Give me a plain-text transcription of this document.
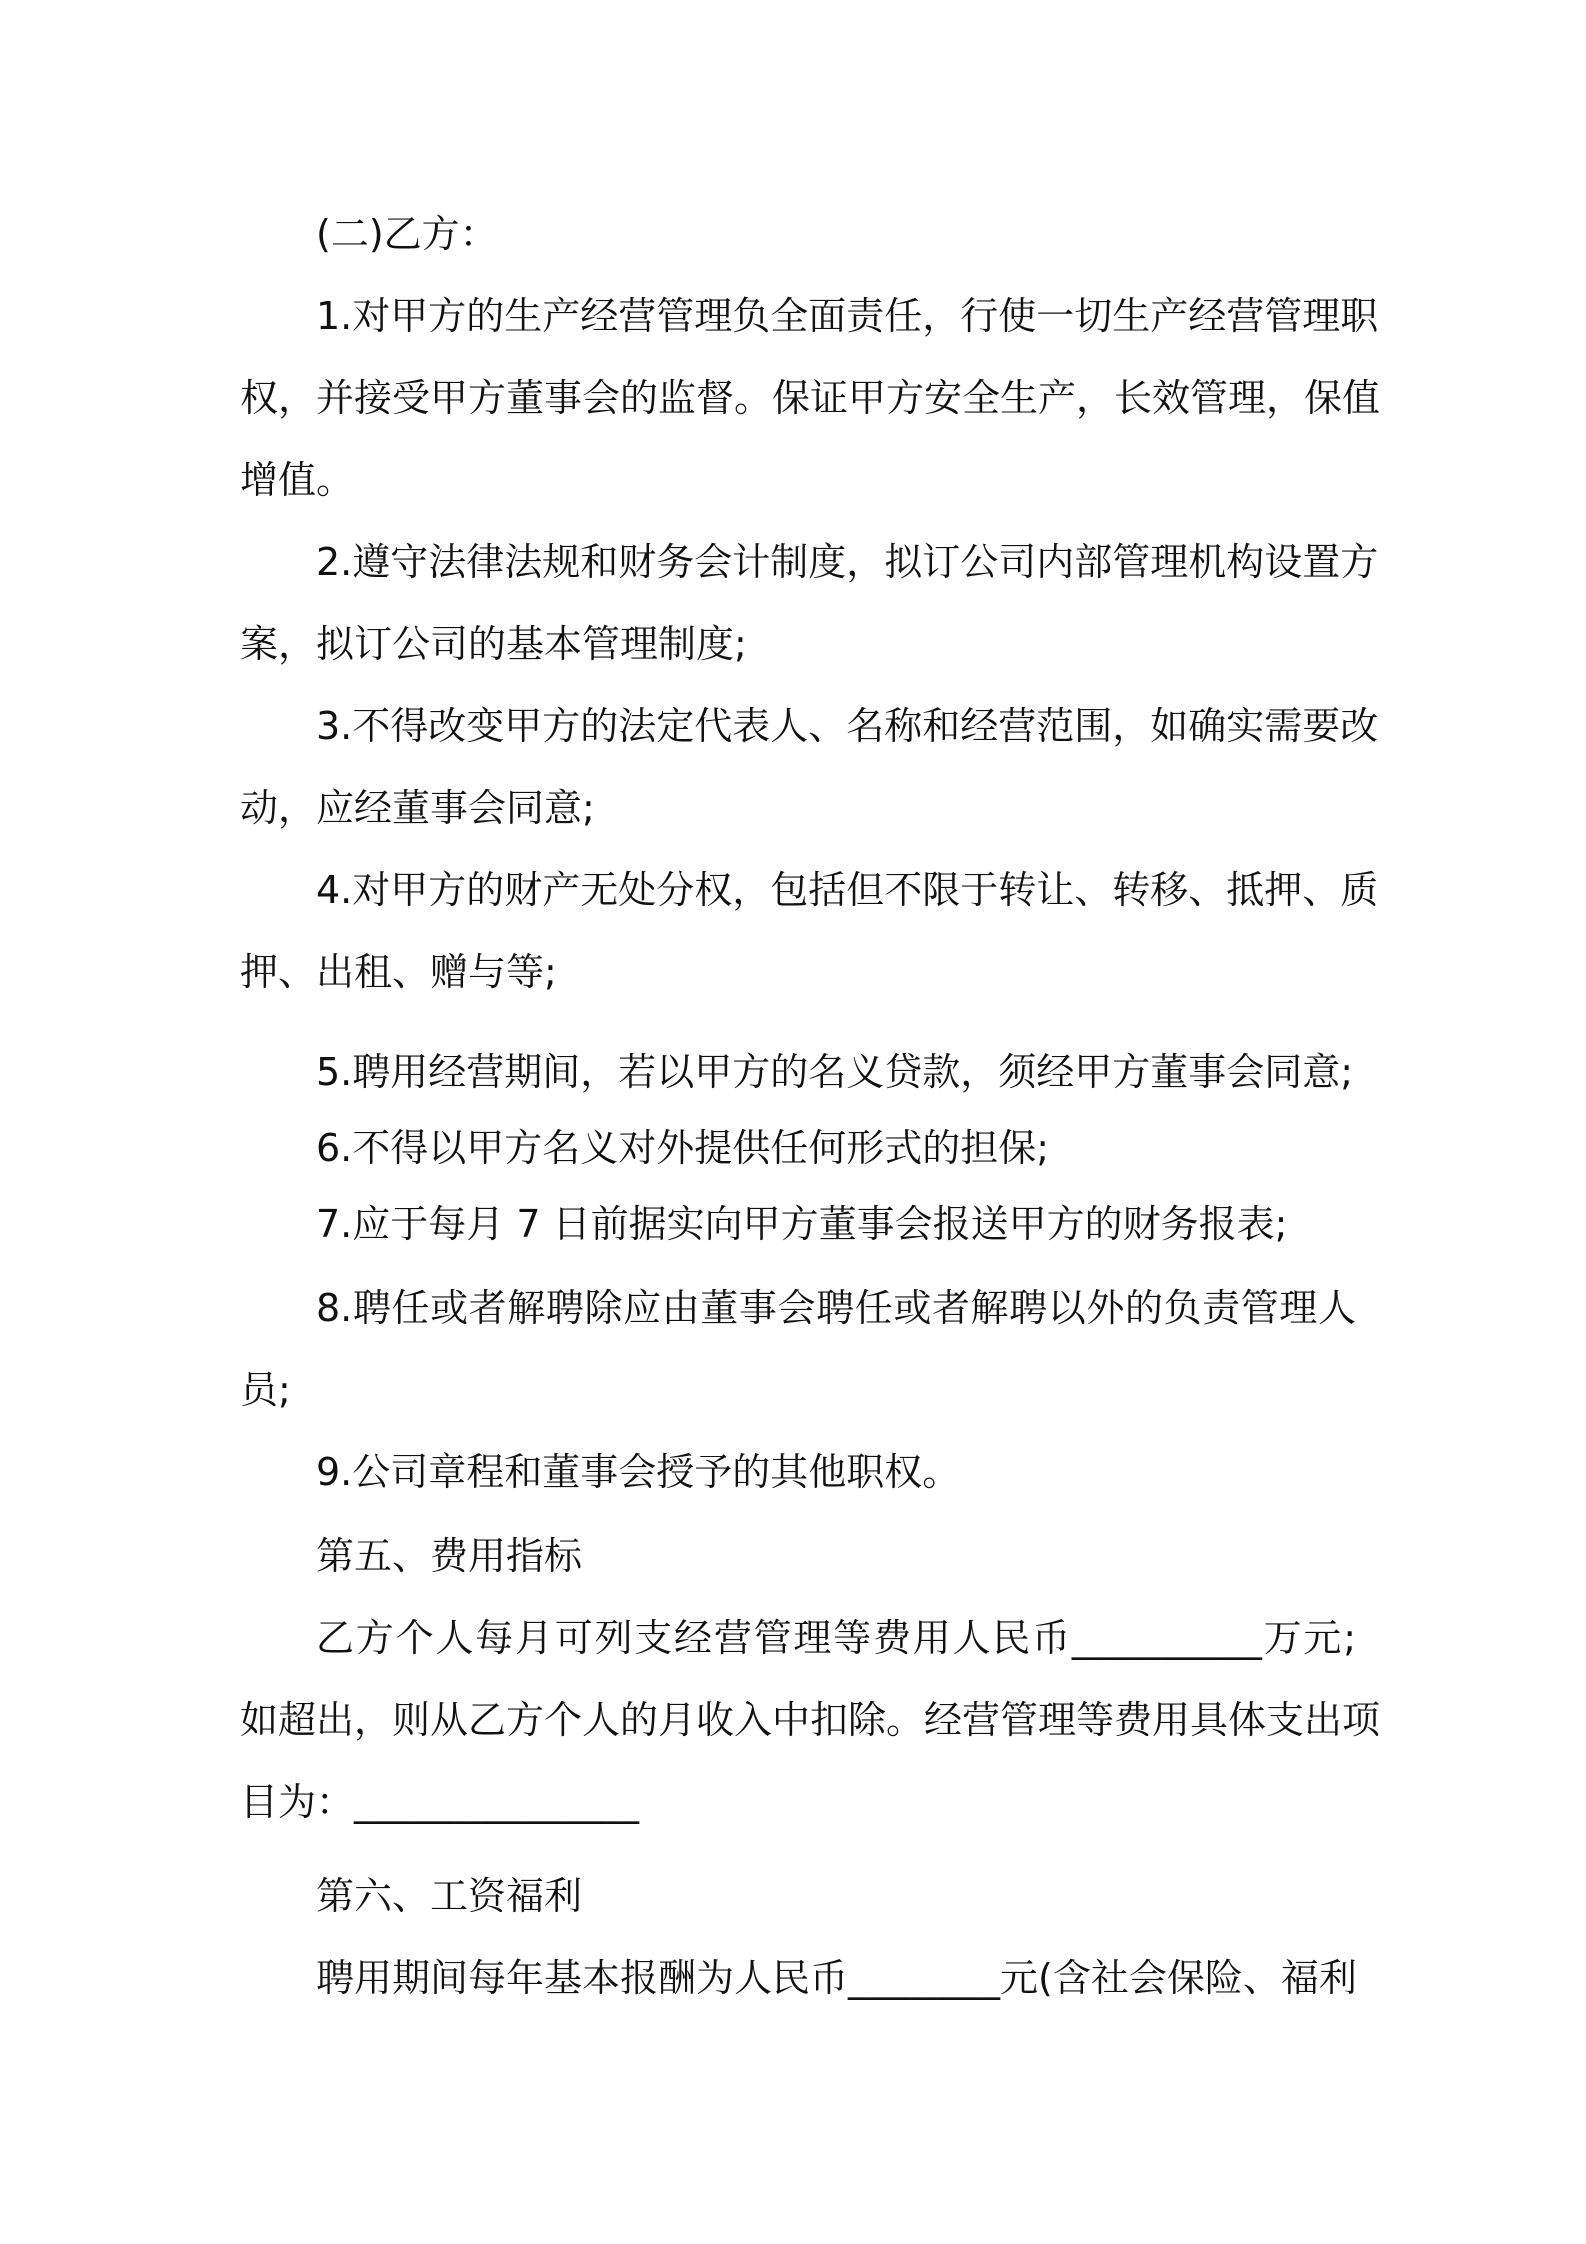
(二)乙方：

1.对甲方的生产经营管理负全面责任，行使一切生产经营管理职

权，并接受甲方董事会的监督。保证甲方安全生产，长效管理，保值

增值。

2.遵守法律法规和财务会计制度，拟订公司内部管理机构设置方

案，拟订公司的基本管理制度;

3.不得改变甲方的法定代表人、名称和经营范围，如确实需要改

动，应经董事会同意;

4.对甲方的财产无处分权，包括但不限于转让、转移、抵押、质

押、出租、赠与等;

5.聘用经营期间，若以甲方的名义贷款，须经甲方董事会同意;

6.不得以甲方名义对外提供任何形式的担保;

7.应于每月 7 日前据实向甲方董事会报送甲方的财务报表;

8.聘任或者解聘除应由董事会聘任或者解聘以外的负责管理人

员;

9.公司章程和董事会授予的其他职权。

第五、费用指标

乙方个人每月可列支经营管理等费用人民币__________万元;

如超出，则从乙方个人的月收入中扣除。经营管理等费用具体支出项

目为：_______________

第六、工资福利

聘用期间每年基本报酬为人民币________元(含社会保险、福利
